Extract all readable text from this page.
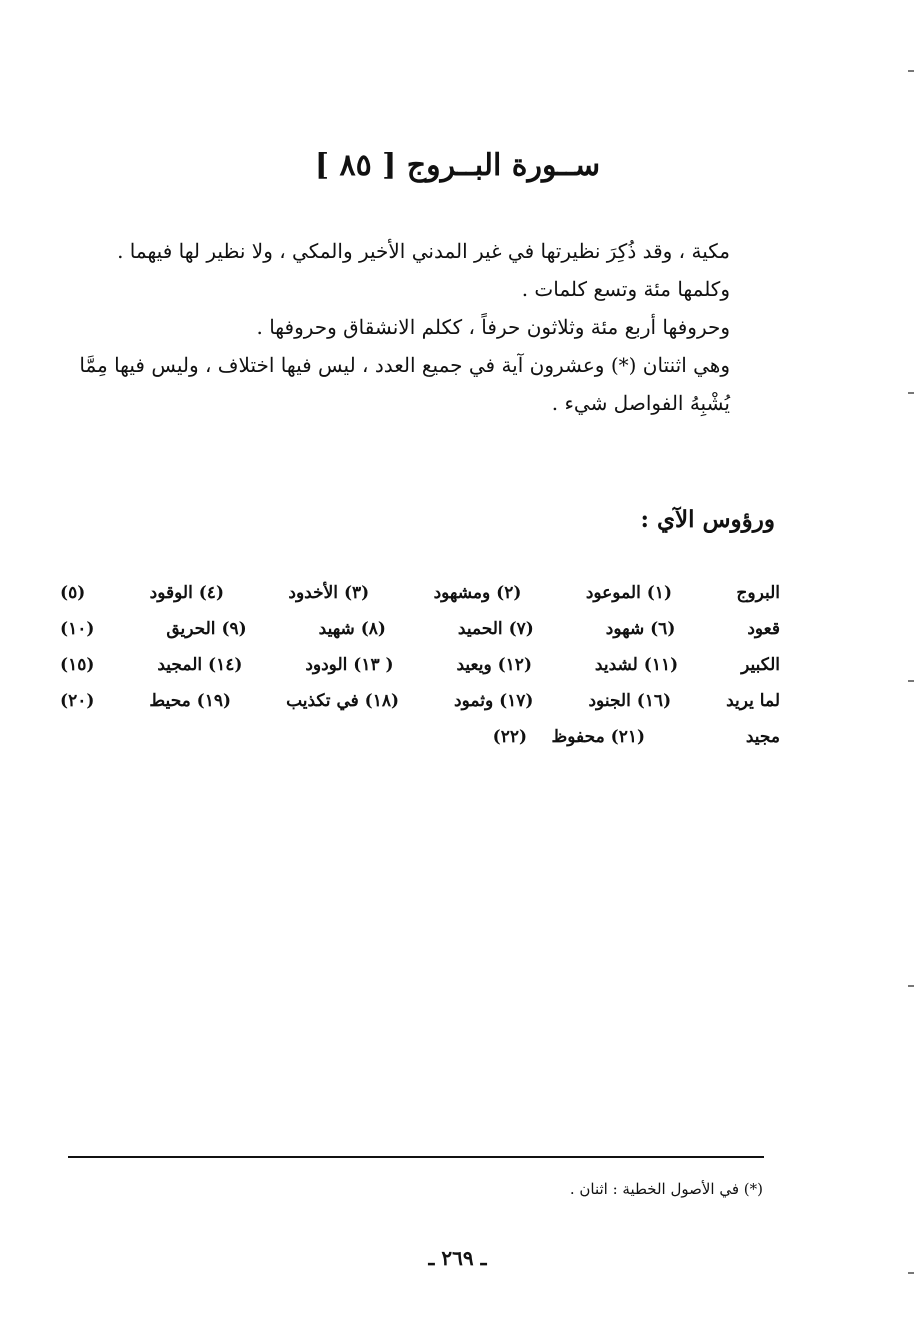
ســورة البــروج [ ٨٥ ]

مكية ، وقد ذُكِرَ نظيرتها في غير المدني الأخير والمكي ، ولا نظير لها فيهما .

وكلمها مئة وتسع كلمات .

وحروفها أربع مئة وثلاثون حرفاً ، ككلم الانشقاق وحروفها .

وهي اثنتان (*) وعشرون آية في جميع العدد ، ليس فيها اختلاف ، وليس فيها مِمَّا

يُشْبِهُ الفواصل شيء .

ورؤوس الآي :
البروج
(١) الموعود
(٢) ومشهود
(٣) الأخدود
(٤) الوقود
(٥)
قعود
(٦) شهود
(٧) الحميد
(٨) شهيد
(٩) الحريق
(١٠)
الكبير
(١١) لشديد
(١٢) ويعيد
( ١٣) الودود
(١٤) المجيد
(١٥)
لما يريد
(١٦) الجنود
(١٧) وثمود
(١٨) في تكذيب
(١٩) محيط
(٢٠)
مجيد
(٢١) محفوظ
(٢٢)
(*) في الأصول الخطية : اثنان .
ـ ٢٦٩ ـ
